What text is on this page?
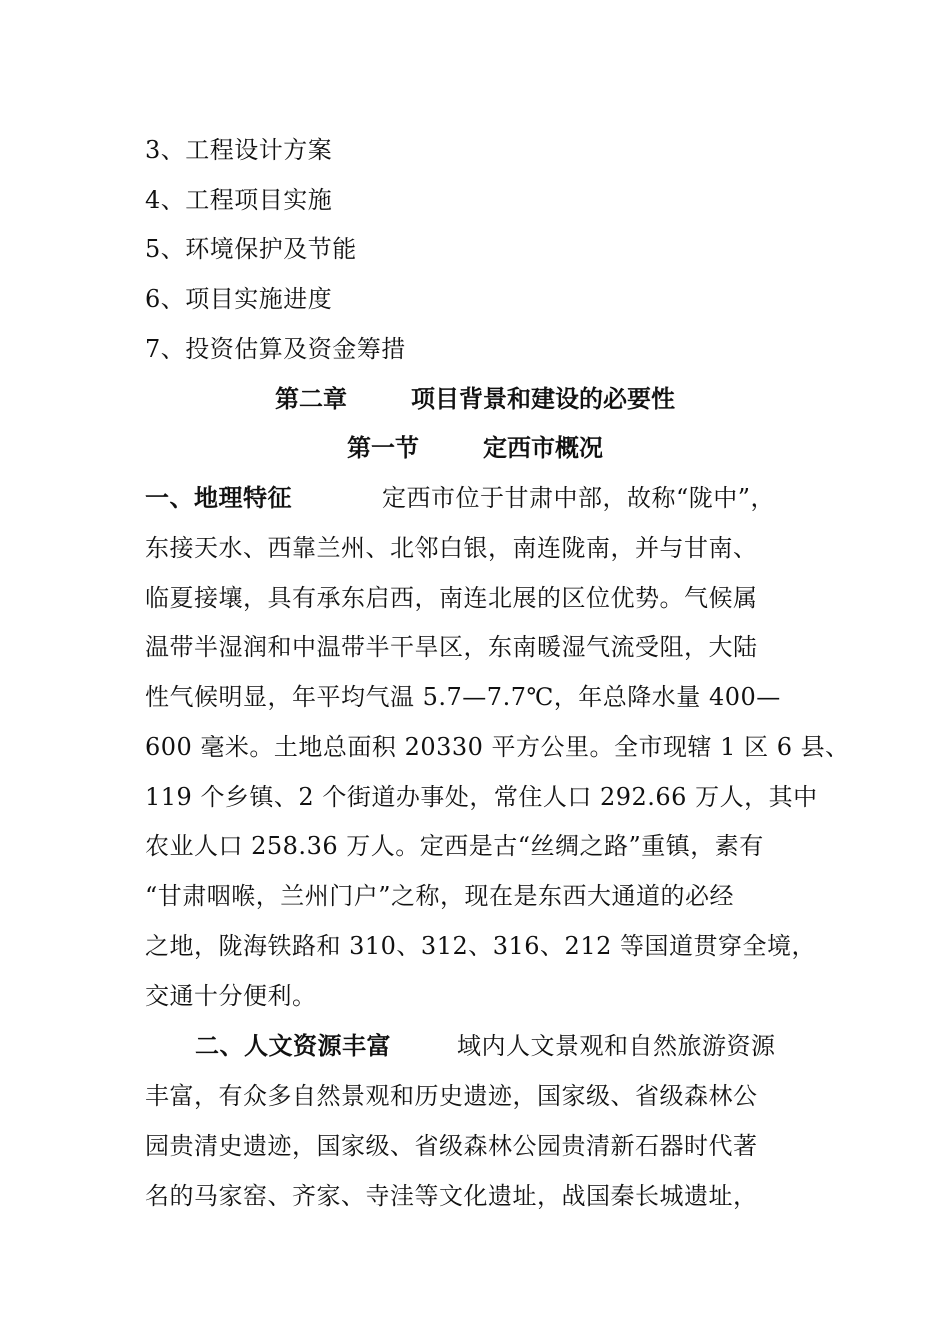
3、工程设计方案
4、工程项目实施
5、环境保护及节能
6、项目实施进度
7、投资估算及资金筹措
第二章	项目背景和建设的必要性
第一节	定西市概况
一、地理特征	定西市位于甘肃中部，故称“陇中”，
东接天水、西靠兰州、北邻白银，南连陇南，并与甘南、
临夏接壤，具有承东启西，南连北展的区位优势。气候属
温带半湿润和中温带半干旱区，东南暖湿气流受阻，大陆
性气候明显，年平均气温 5.7—7.7℃，年总降水量 400—
600 毫米。土地总面积 20330 平方公里。全市现辖 1 区 6 县、
119 个乡镇、2 个街道办事处，常住人口 292.66 万人，其中
农业人口 258.36 万人。定西是古“丝绸之路”重镇，素有
“甘肃咽喉，兰州门户”之称，现在是东西大通道的必经
之地，陇海铁路和 310、312、316、212 等国道贯穿全境，
交通十分便利。
二、人文资源丰富	域内人文景观和自然旅游资源
丰富，有众多自然景观和历史遗迹，国家级、省级森林公
园贵清史遗迹，国家级、省级森林公园贵清新石器时代著
名的马家窑、齐家、寺洼等文化遗址，战国秦长城遗址，
